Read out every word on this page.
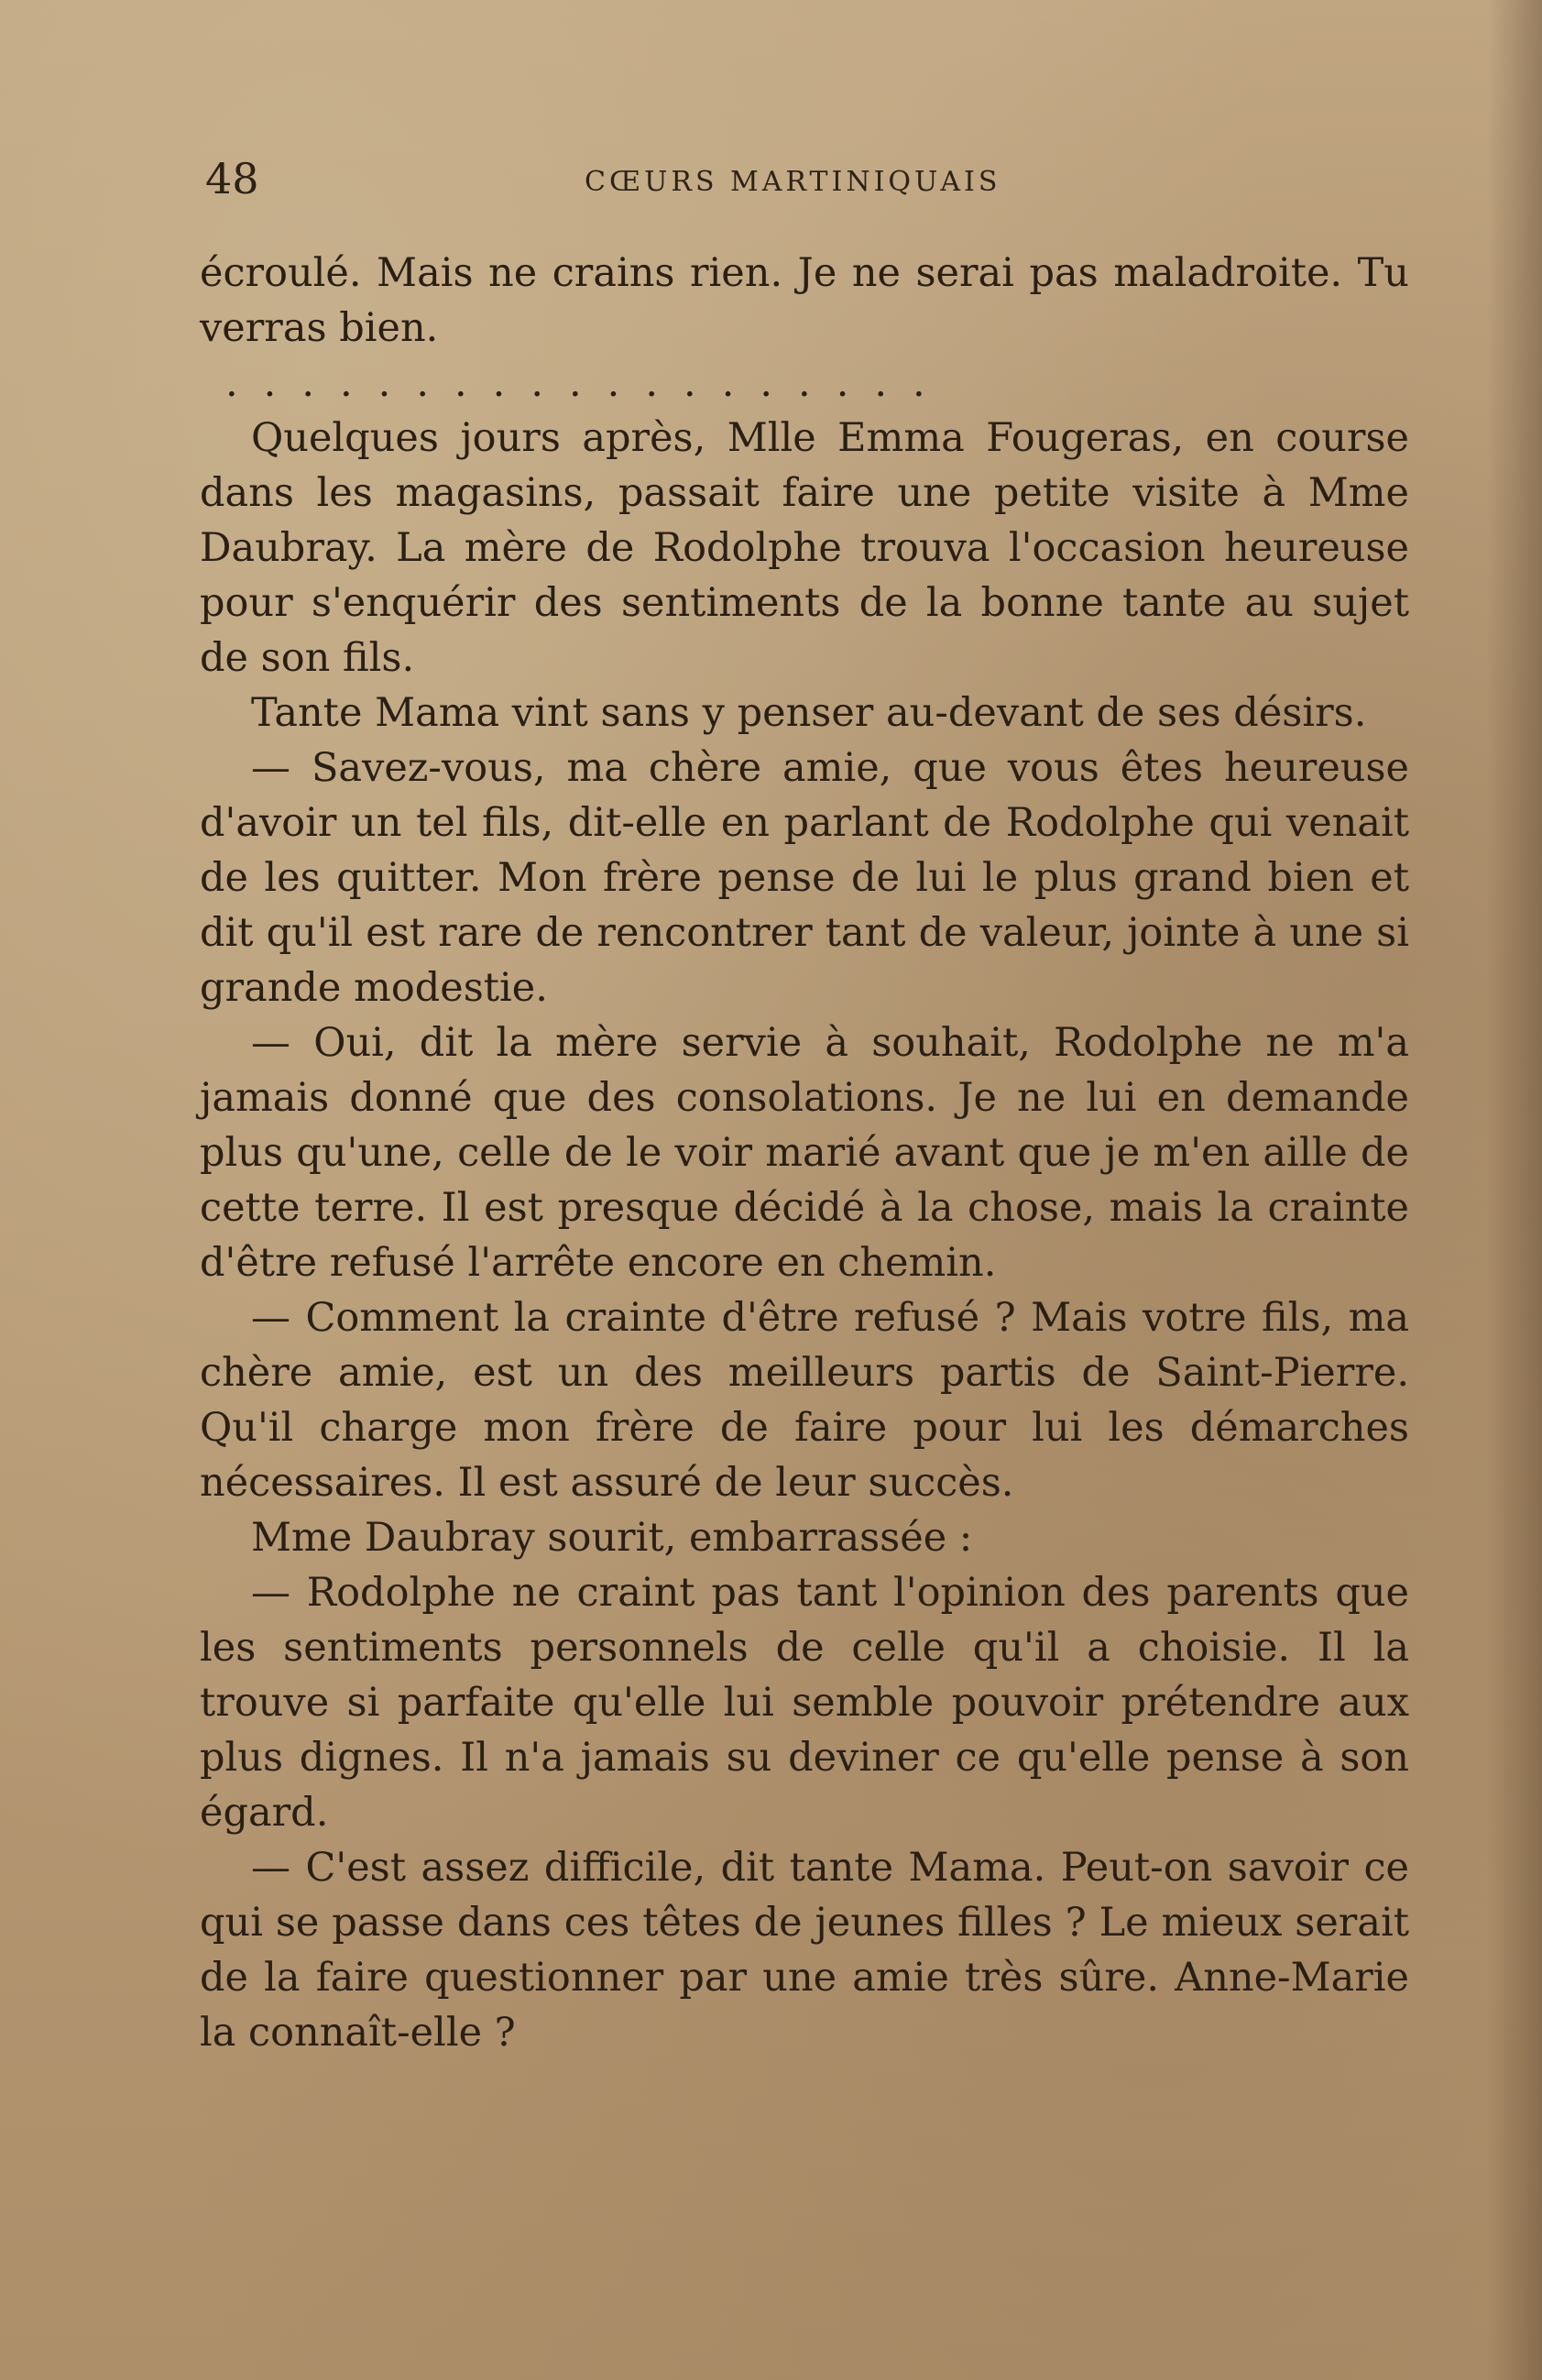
48	CŒURS MARTINIQUAIS

écroulé. Mais ne crains rien. Je ne serai pas maladroite. Tu verras bien.

...................

Quelques jours après, Mlle Emma Fougeras, en course dans les magasins, passait faire une petite visite à Mme Daubray. La mère de Rodolphe trouva l'occasion heureuse pour s'enquérir des sentiments de la bonne tante au sujet de son fils.

Tante Mama vint sans y penser au-devant de ses désirs.

— Savez-vous, ma chère amie, que vous êtes heureuse d'avoir un tel fils, dit-elle en parlant de Rodolphe qui venait de les quitter. Mon frère pense de lui le plus grand bien et dit qu'il est rare de rencontrer tant de valeur, jointe à une si grande modestie.

— Oui, dit la mère servie à souhait, Rodolphe ne m'a jamais donné que des consolations. Je ne lui en demande plus qu'une, celle de le voir marié avant que je m'en aille de cette terre. Il est presque décidé à la chose, mais la crainte d'être refusé l'arrête encore en chemin.

— Comment la crainte d'être refusé ? Mais votre fils, ma chère amie, est un des meilleurs partis de Saint-Pierre. Qu'il charge mon frère de faire pour lui les démarches nécessaires. Il est assuré de leur succès.

Mme Daubray sourit, embarrassée :

— Rodolphe ne craint pas tant l'opinion des parents que les sentiments personnels de celle qu'il a choisie. Il la trouve si parfaite qu'elle lui semble pouvoir prétendre aux plus dignes. Il n'a jamais su deviner ce qu'elle pense à son égard.

— C'est assez difficile, dit tante Mama. Peut-on savoir ce qui se passe dans ces têtes de jeunes filles ? Le mieux serait de la faire questionner par une amie très sûre. Anne-Marie la connaît-elle ?
